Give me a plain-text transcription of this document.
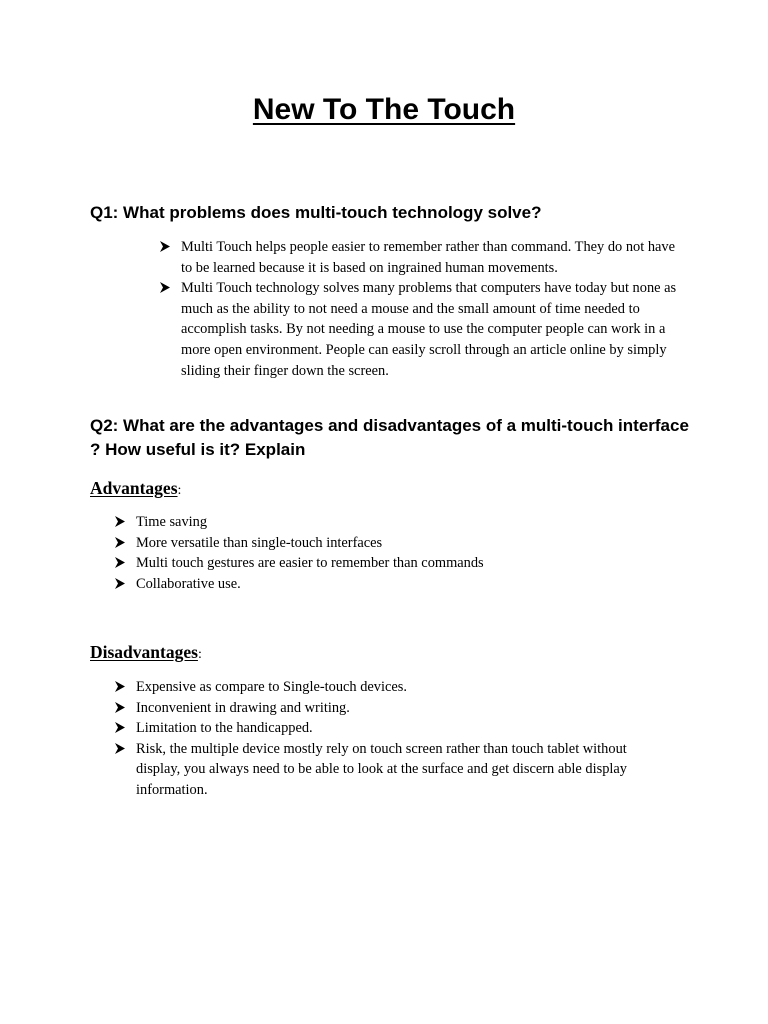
New To The Touch
Q1: What problems does multi-touch technology solve?
Multi Touch helps people easier to remember rather than command. They do not have to be learned because it is based on ingrained human movements.
Multi Touch technology solves many problems that computers have today but none as much as the ability to not need a mouse and the small amount of time needed to accomplish tasks. By not needing a mouse to use the computer people can work in a more open environment. People can easily scroll through an article online by simply sliding their finger down the screen.
Q2: What are the advantages and disadvantages of a multi-touch interface ? How useful is it? Explain
Advantages:
Time saving
More versatile than single-touch interfaces
Multi touch gestures are easier to remember than commands
Collaborative use.
Disadvantages:
Expensive as compare to Single-touch devices.
Inconvenient in drawing and writing.
Limitation to the handicapped.
Risk, the multiple device mostly rely on touch screen rather than touch tablet without display, you always need to be able to look at the surface and get discern able display information.
